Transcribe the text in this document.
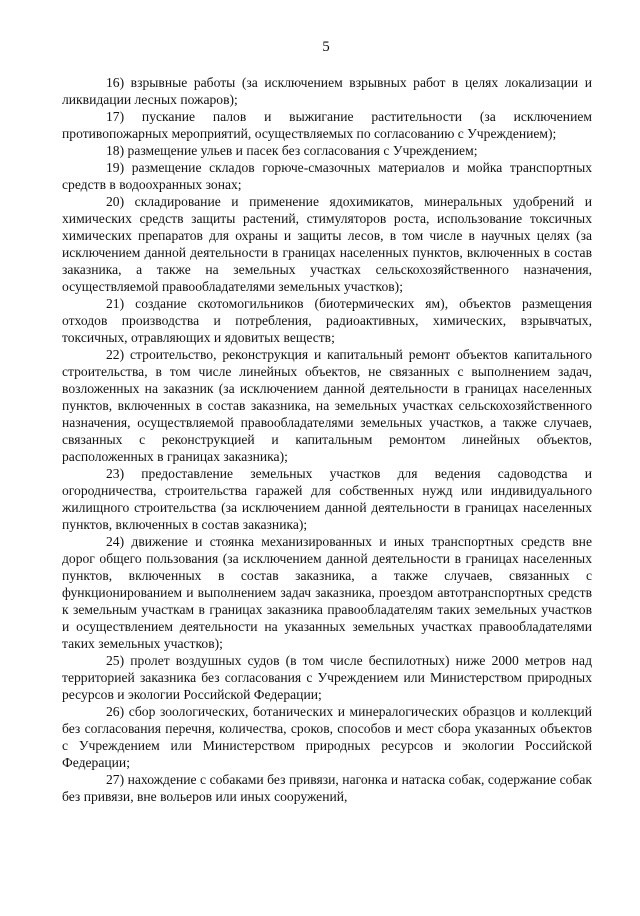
5

16) взрывные работы (за исключением взрывных работ в целях локализации и ликвидации лесных пожаров);

17) пускание палов и выжигание растительности (за исключением противопожарных мероприятий, осуществляемых по согласованию с Учреждением);

18) размещение ульев и пасек без согласования с Учреждением;

19) размещение складов горюче-смазочных материалов и мойка транспортных средств в водоохранных зонах;

20) складирование и применение ядохимикатов, минеральных удобрений и химических средств защиты растений, стимуляторов роста, использование токсичных химических препаратов для охраны и защиты лесов, в том числе в научных целях (за исключением данной деятельности в границах населенных пунктов, включенных в состав заказника, а также на земельных участках сельскохозяйственного назначения, осуществляемой правообладателями земельных участков);

21) создание скотомогильников (биотермических ям), объектов размещения отходов производства и потребления, радиоактивных, химических, взрывчатых, токсичных, отравляющих и ядовитых веществ;

22) строительство, реконструкция и капитальный ремонт объектов капитального строительства, в том числе линейных объектов, не связанных с выполнением задач, возложенных на заказник (за исключением данной деятельности в границах населенных пунктов, включенных в состав заказника, на земельных участках сельскохозяйственного назначения, осуществляемой правообладателями земельных участков, а также случаев, связанных с реконструкцией и капитальным ремонтом линейных объектов, расположенных в границах заказника);

23) предоставление земельных участков для ведения садоводства и огородничества, строительства гаражей для собственных нужд или индивидуального жилищного строительства (за исключением данной деятельности в границах населенных пунктов, включенных в состав заказника);

24) движение и стоянка механизированных и иных транспортных средств вне дорог общего пользования (за исключением данной деятельности в границах населенных пунктов, включенных в состав заказника, а также случаев, связанных с функционированием и выполнением задач заказника, проездом автотранспортных средств к земельным участкам в границах заказника правообладателям таких земельных участков и осуществлением деятельности на указанных земельных участках правообладателями таких земельных участков);

25) пролет воздушных судов (в том числе беспилотных) ниже 2000 метров над территорией заказника без согласования с Учреждением или Министерством природных ресурсов и экологии Российской Федерации;

26) сбор зоологических, ботанических и минералогических образцов и коллекций без согласования перечня, количества, сроков, способов и мест сбора указанных объектов с Учреждением или Министерством природных ресурсов и экологии Российской Федерации;

27) нахождение с собаками без привязи, нагонка и натаска собак, содержание собак без привязи, вне вольеров или иных сооружений,
